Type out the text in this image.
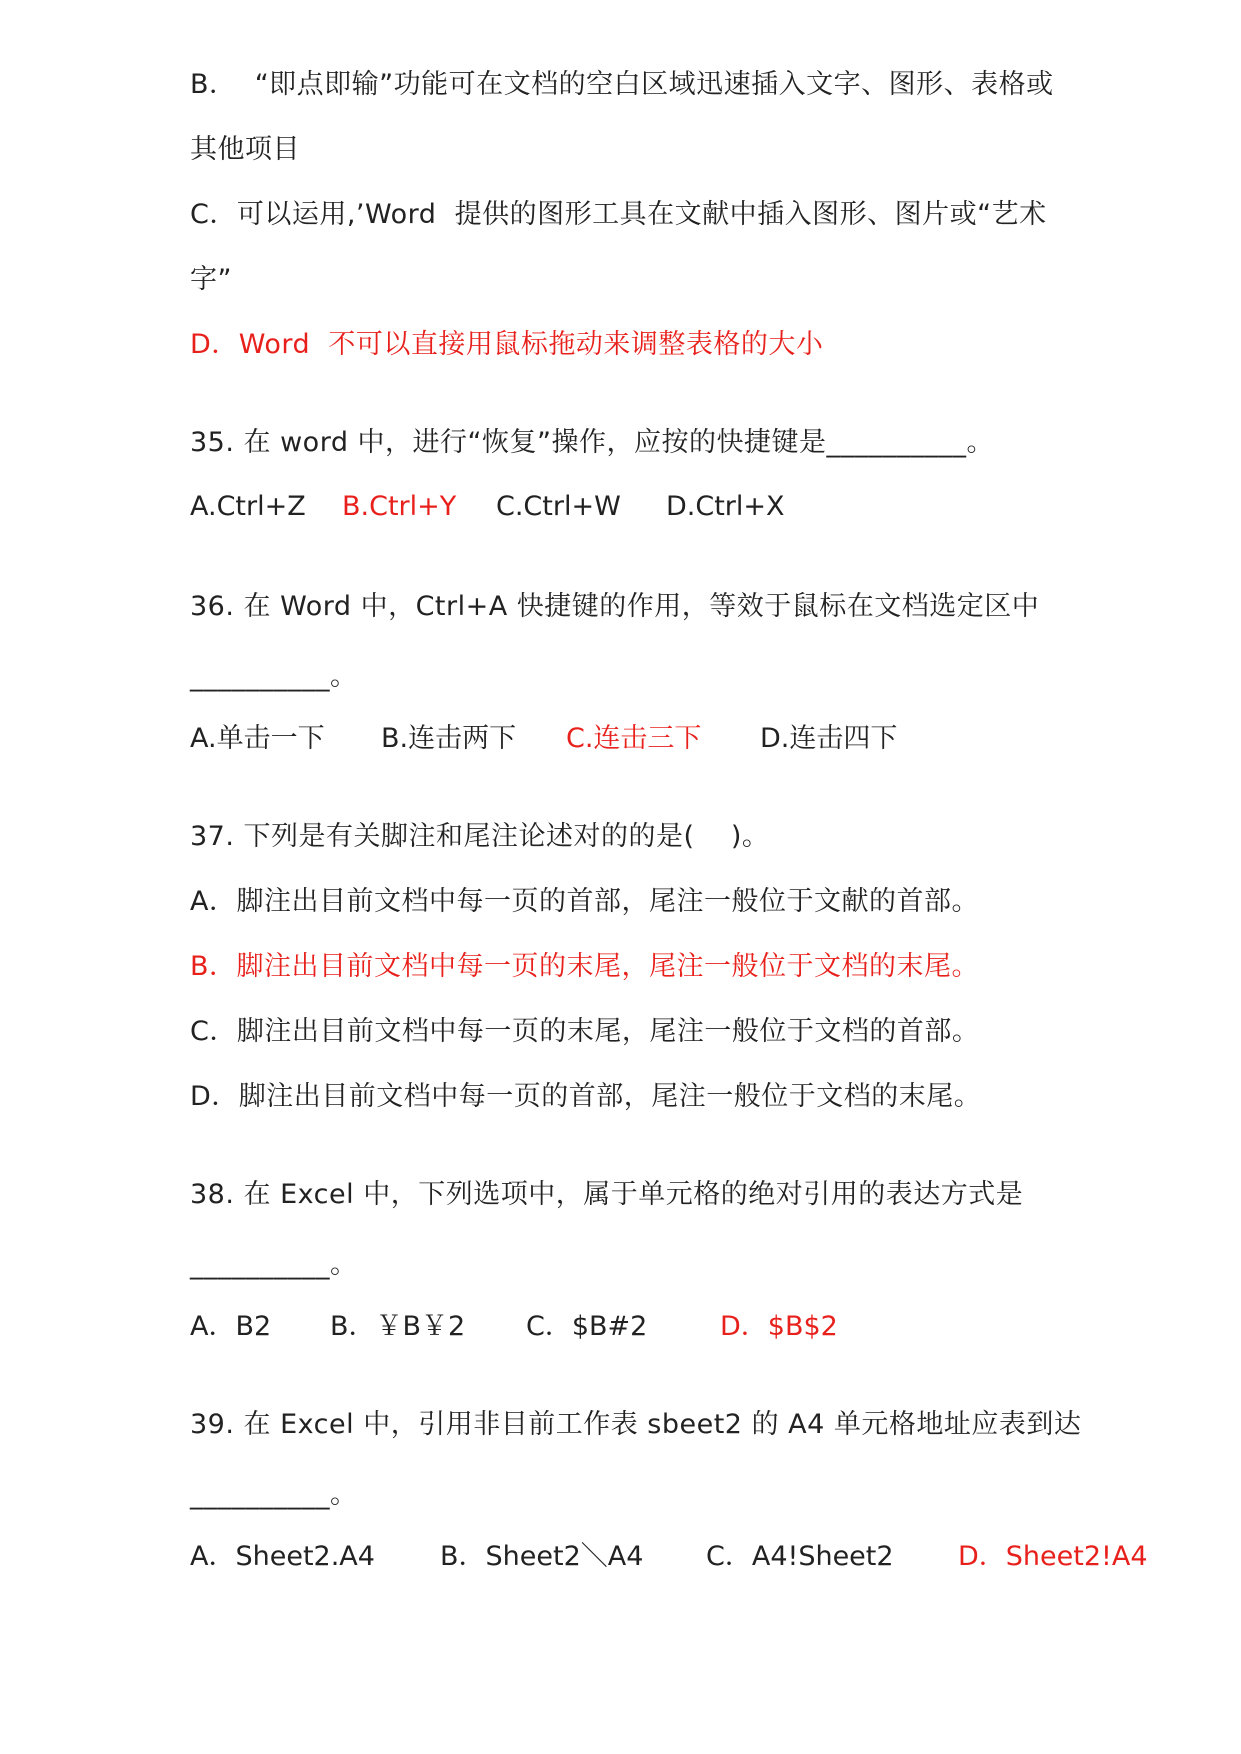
B．  “即点即输”功能可在文档的空白区域迅速插入文字、图形、表格或
其他项目
C．可以运用,’Word  提供的图形工具在文献中插入图形、图片或“艺术
字”
D．Word  不可以直接用鼠标拖动来调整表格的大小
35. 在 word 中，进行“恢复”操作，应按的快捷键是__________。
A.Ctrl+Z B.Ctrl+Y C.Ctrl+W D.Ctrl+X
36. 在 Word 中，Ctrl+A 快捷键的作用，等效于鼠标在文档选定区中
__________。
A.单击一下 B.连击两下 C.连击三下 D.连击四下
37. 下列是有关脚注和尾注论述对的的是(    )。
A．脚注出目前文档中每一页的首部，尾注一般位于文献的首部。
B．脚注出目前文档中每一页的末尾，尾注一般位于文档的末尾。
C．脚注出目前文档中每一页的末尾，尾注一般位于文档的首部。
D．脚注出目前文档中每一页的首部，尾注一般位于文档的末尾。
38. 在 Excel 中，下列选项中，属于单元格的绝对引用的表达方式是
__________。
A．B2 B．￥B￥2 C．$B#2	D．$B$2
39. 在 Excel 中，引用非目前工作表 sbeet2 的 A4 单元格地址应表到达
__________。
A．Sheet2.A4 B．Sheet2＼A4 C．A4!Sheet2 D．Sheet2!A4
